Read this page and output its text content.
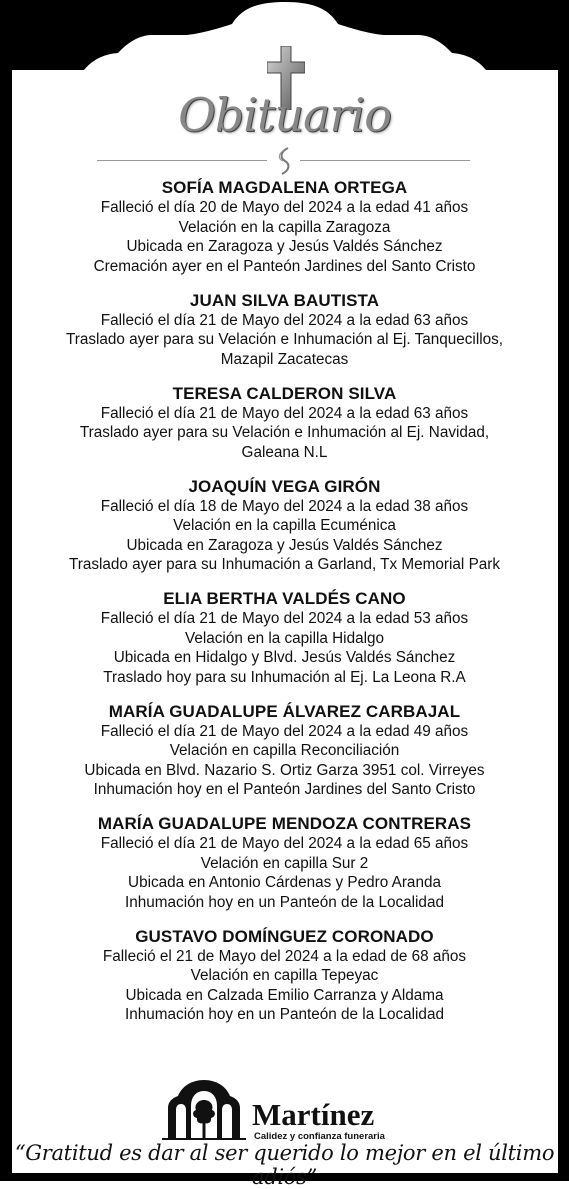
Obituario
SOFÍA MAGDALENA ORTEGA

Falleció el día 20 de Mayo del 2024 a la edad 41 años

Velación en la capilla Zaragoza

Ubicada en Zaragoza y Jesús Valdés Sánchez

Cremación ayer en el Panteón Jardines del Santo Cristo

JUAN SILVA BAUTISTA

Falleció el día 21 de Mayo del 2024 a la edad 63 años

Traslado ayer para su Velación e Inhumación al Ej. Tanquecillos,

Mazapil Zacatecas

TERESA CALDERON SILVA

Falleció el día 21 de Mayo del 2024 a la edad 63 años

Traslado ayer para su Velación e Inhumación al Ej. Navidad,

Galeana N.L

JOAQUÍN VEGA GIRÓN

Falleció el día 18 de Mayo del 2024 a la edad 38 años

Velación en la capilla Ecuménica

Ubicada en Zaragoza y Jesús Valdés Sánchez

Traslado ayer para su Inhumación a Garland, Tx Memorial Park

ELIA BERTHA VALDÉS CANO

Falleció el día 21 de Mayo del 2024 a la edad 53 años

Velación en la capilla Hidalgo

Ubicada en Hidalgo y Blvd. Jesús Valdés Sánchez

Traslado hoy para su Inhumación al Ej. La Leona R.A

MARÍA GUADALUPE ÁLVAREZ CARBAJAL

Falleció el día 21 de Mayo del 2024 a la edad 49 años

Velación en capilla Reconciliación

Ubicada en Blvd. Nazario S. Ortiz Garza 3951 col. Virreyes

Inhumación hoy en el Panteón Jardines del Santo Cristo

MARÍA GUADALUPE MENDOZA CONTRERAS

Falleció el día 21 de Mayo del 2024 a la edad 65 años

Velación en capilla Sur 2

Ubicada en Antonio Cárdenas y Pedro Aranda

Inhumación hoy en un Panteón de la Localidad

GUSTAVO DOMÍNGUEZ CORONADO

Falleció el 21 de Mayo del 2024 a la edad de 68 años

Velación en capilla Tepeyac

Ubicada en Calzada Emilio Carranza y Aldama

Inhumación hoy en un Panteón de la Localidad

Martínez
Calidez y confianza funeraria
“Gratitud es dar al ser querido lo mejor en el último adiós”
